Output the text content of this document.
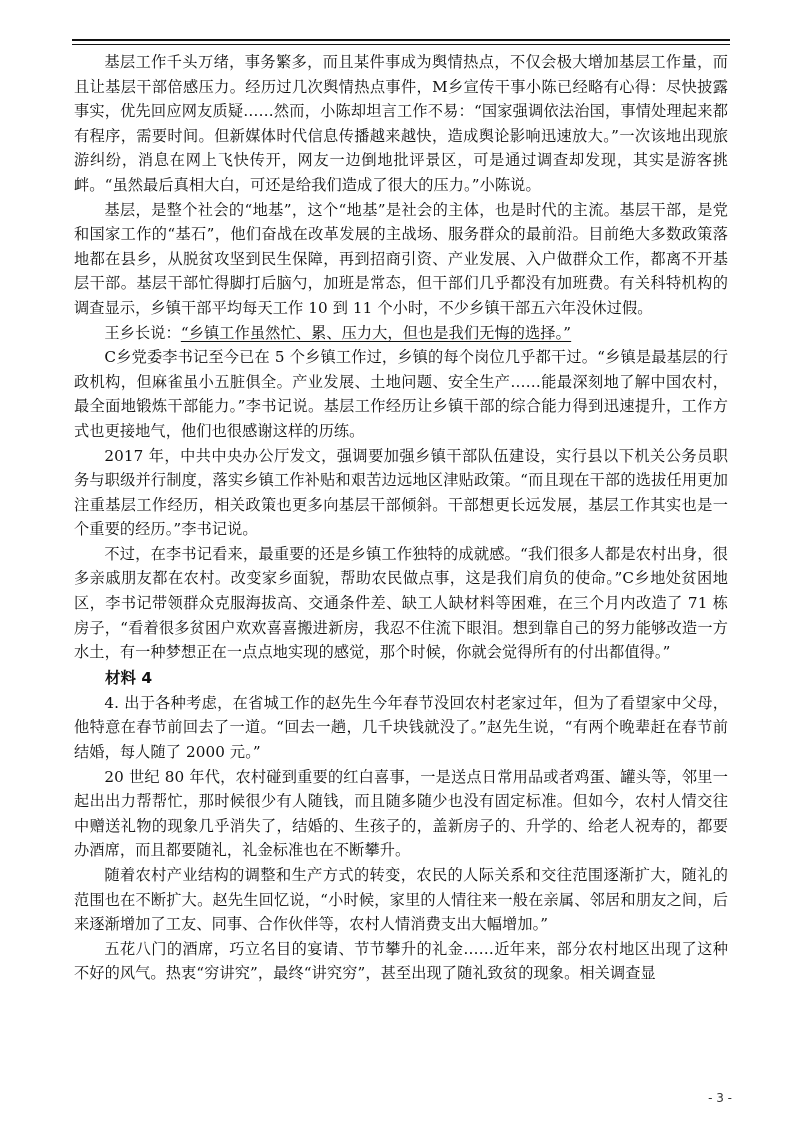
基层工作千头万绪，事务繁多，而且某件事成为舆情热点，不仅会极大增加基层工作量，而且让基层干部倍感压力。经历过几次舆情热点事件，M乡宣传干事小陈已经略有心得：尽快披露事实，优先回应网友质疑……然而，小陈却坦言工作不易：“国家强调依法治国，事情处理起来都有程序，需要时间。但新媒体时代信息传播越来越快，造成舆论影响迅速放大。”一次该地出现旅游纠纷，消息在网上飞快传开，网友一边倒地批评景区，可是通过调查却发现，其实是游客挑衅。“虽然最后真相大白，可还是给我们造成了很大的压力。”小陈说。

基层，是整个社会的“地基”，这个“地基”是社会的主体，也是时代的主流。基层干部，是党和国家工作的“基石”，他们奋战在改革发展的主战场、服务群众的最前沿。目前绝大多数政策落地都在县乡，从脱贫攻坚到民生保障，再到招商引资、产业发展、入户做群众工作，都离不开基层干部。基层干部忙得脚打后脑勺，加班是常态，但干部们几乎都没有加班费。有关科特机构的调查显示，乡镇干部平均每天工作 10 到 11 个小时，不少乡镇干部五六年没休过假。

王乡长说：“乡镇工作虽然忙、累、压力大，但也是我们无悔的选择。”

C乡党委李书记至今已在 5 个乡镇工作过，乡镇的每个岗位几乎都干过。“乡镇是最基层的行政机构，但麻雀虽小五脏俱全。产业发展、土地问题、安全生产……能最深刻地了解中国农村，最全面地锻炼干部能力。”李书记说。基层工作经历让乡镇干部的综合能力得到迅速提升，工作方式也更接地气，他们也很感谢这样的历练。

2017 年，中共中央办公厅发文，强调要加强乡镇干部队伍建设，实行县以下机关公务员职务与职级并行制度，落实乡镇工作补贴和艰苦边远地区津贴政策。“而且现在干部的选拔任用更加注重基层工作经历，相关政策也更多向基层干部倾斜。干部想更长远发展，基层工作其实也是一个重要的经历。”李书记说。

不过，在李书记看来，最重要的还是乡镇工作独特的成就感。“我们很多人都是农村出身，很多亲戚朋友都在农村。改变家乡面貌，帮助农民做点事，这是我们肩负的使命。”C乡地处贫困地区，李书记带领群众克服海拔高、交通条件差、缺工人缺材料等困难，在三个月内改造了 71 栋房子，“看着很多贫困户欢欢喜喜搬进新房，我忍不住流下眼泪。想到靠自己的努力能够改造一方水土，有一种梦想正在一点点地实现的感觉，那个时候，你就会觉得所有的付出都值得。”

材料 4

4. 出于各种考虑，在省城工作的赵先生今年春节没回农村老家过年，但为了看望家中父母，他特意在春节前回去了一道。“回去一趟，几千块钱就没了。”赵先生说，“有两个晚辈赶在春节前结婚，每人随了 2000 元。”

20 世纪 80 年代，农村碰到重要的红白喜事，一是送点日常用品或者鸡蛋、罐头等，邻里一起出出力帮帮忙，那时候很少有人随钱，而且随多随少也没有固定标准。但如今，农村人情交往中赠送礼物的现象几乎消失了，结婚的、生孩子的，盖新房子的、升学的、给老人祝寿的，都要办酒席，而且都要随礼，礼金标准也在不断攀升。

随着农村产业结构的调整和生产方式的转变，农民的人际关系和交往范围逐渐扩大，随礼的范围也在不断扩大。赵先生回忆说，“小时候，家里的人情往来一般在亲属、邻居和朋友之间，后来逐渐增加了工友、同事、合作伙伴等，农村人情消费支出大幅增加。”

五花八门的酒席，巧立名目的宴请、节节攀升的礼金……近年来，部分农村地区出现了这种不好的风气。热衷“穷讲究”，最终“讲究穷”，甚至出现了随礼致贫的现象。相关调查显

- 3 -
